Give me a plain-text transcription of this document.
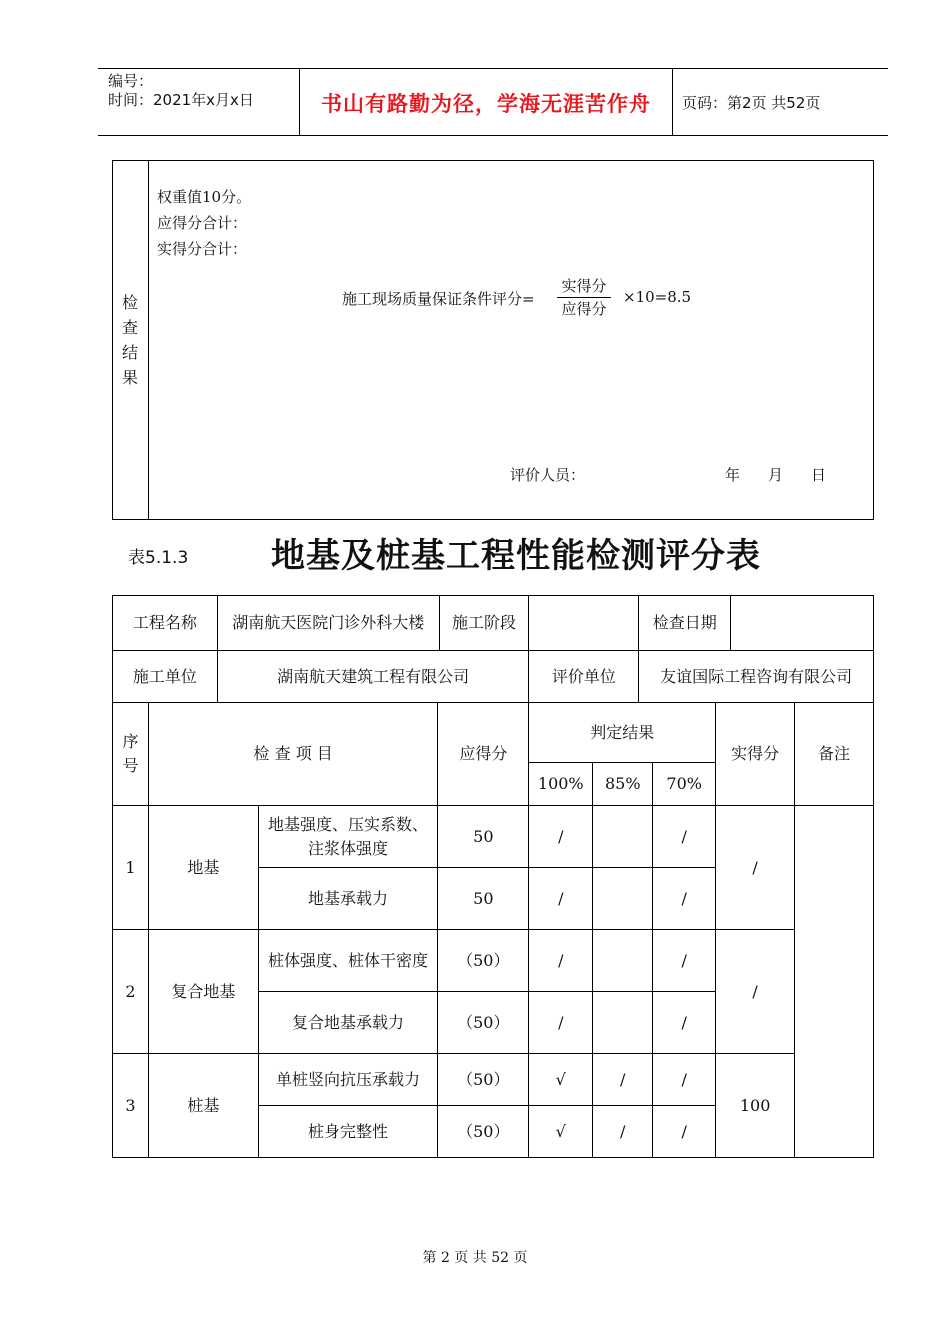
编号：
时间：2021年x月x日	书山有路勤为径，学海无涯苦作舟	页码：第2页 共52页
检
查
结
果
权重值10分。
应得分合计：
实得分合计：
施工现场质量保证条件评分=
实得分
应得分
×10=8.5
评价人员：	年 月 日
表5.1.3 地基及桩基工程性能检测评分表
工程名称	湖南航天医院门诊外科大楼	施工阶段		检查日期	
施工单位	湖南航天建筑工程有限公司		评价单位	友谊国际工程咨询有限公司	
序号	检 查 项 目		应得分	判定结果			实得分	备注
				100%	85%	70%		
1	地基	地基强度、压实系数、注浆体强度	50	/		/	/	
		地基承载力	50	/		/		
2	复合地基	桩体强度、桩体干密度	（50）	/		/	/	
		复合地基承载力	（50）	/		/		
3	桩基	单桩竖向抗压承载力	（50）	√	/	/	100	
		桩身完整性	（50）	√	/	/		
第 2 页 共 52 页
